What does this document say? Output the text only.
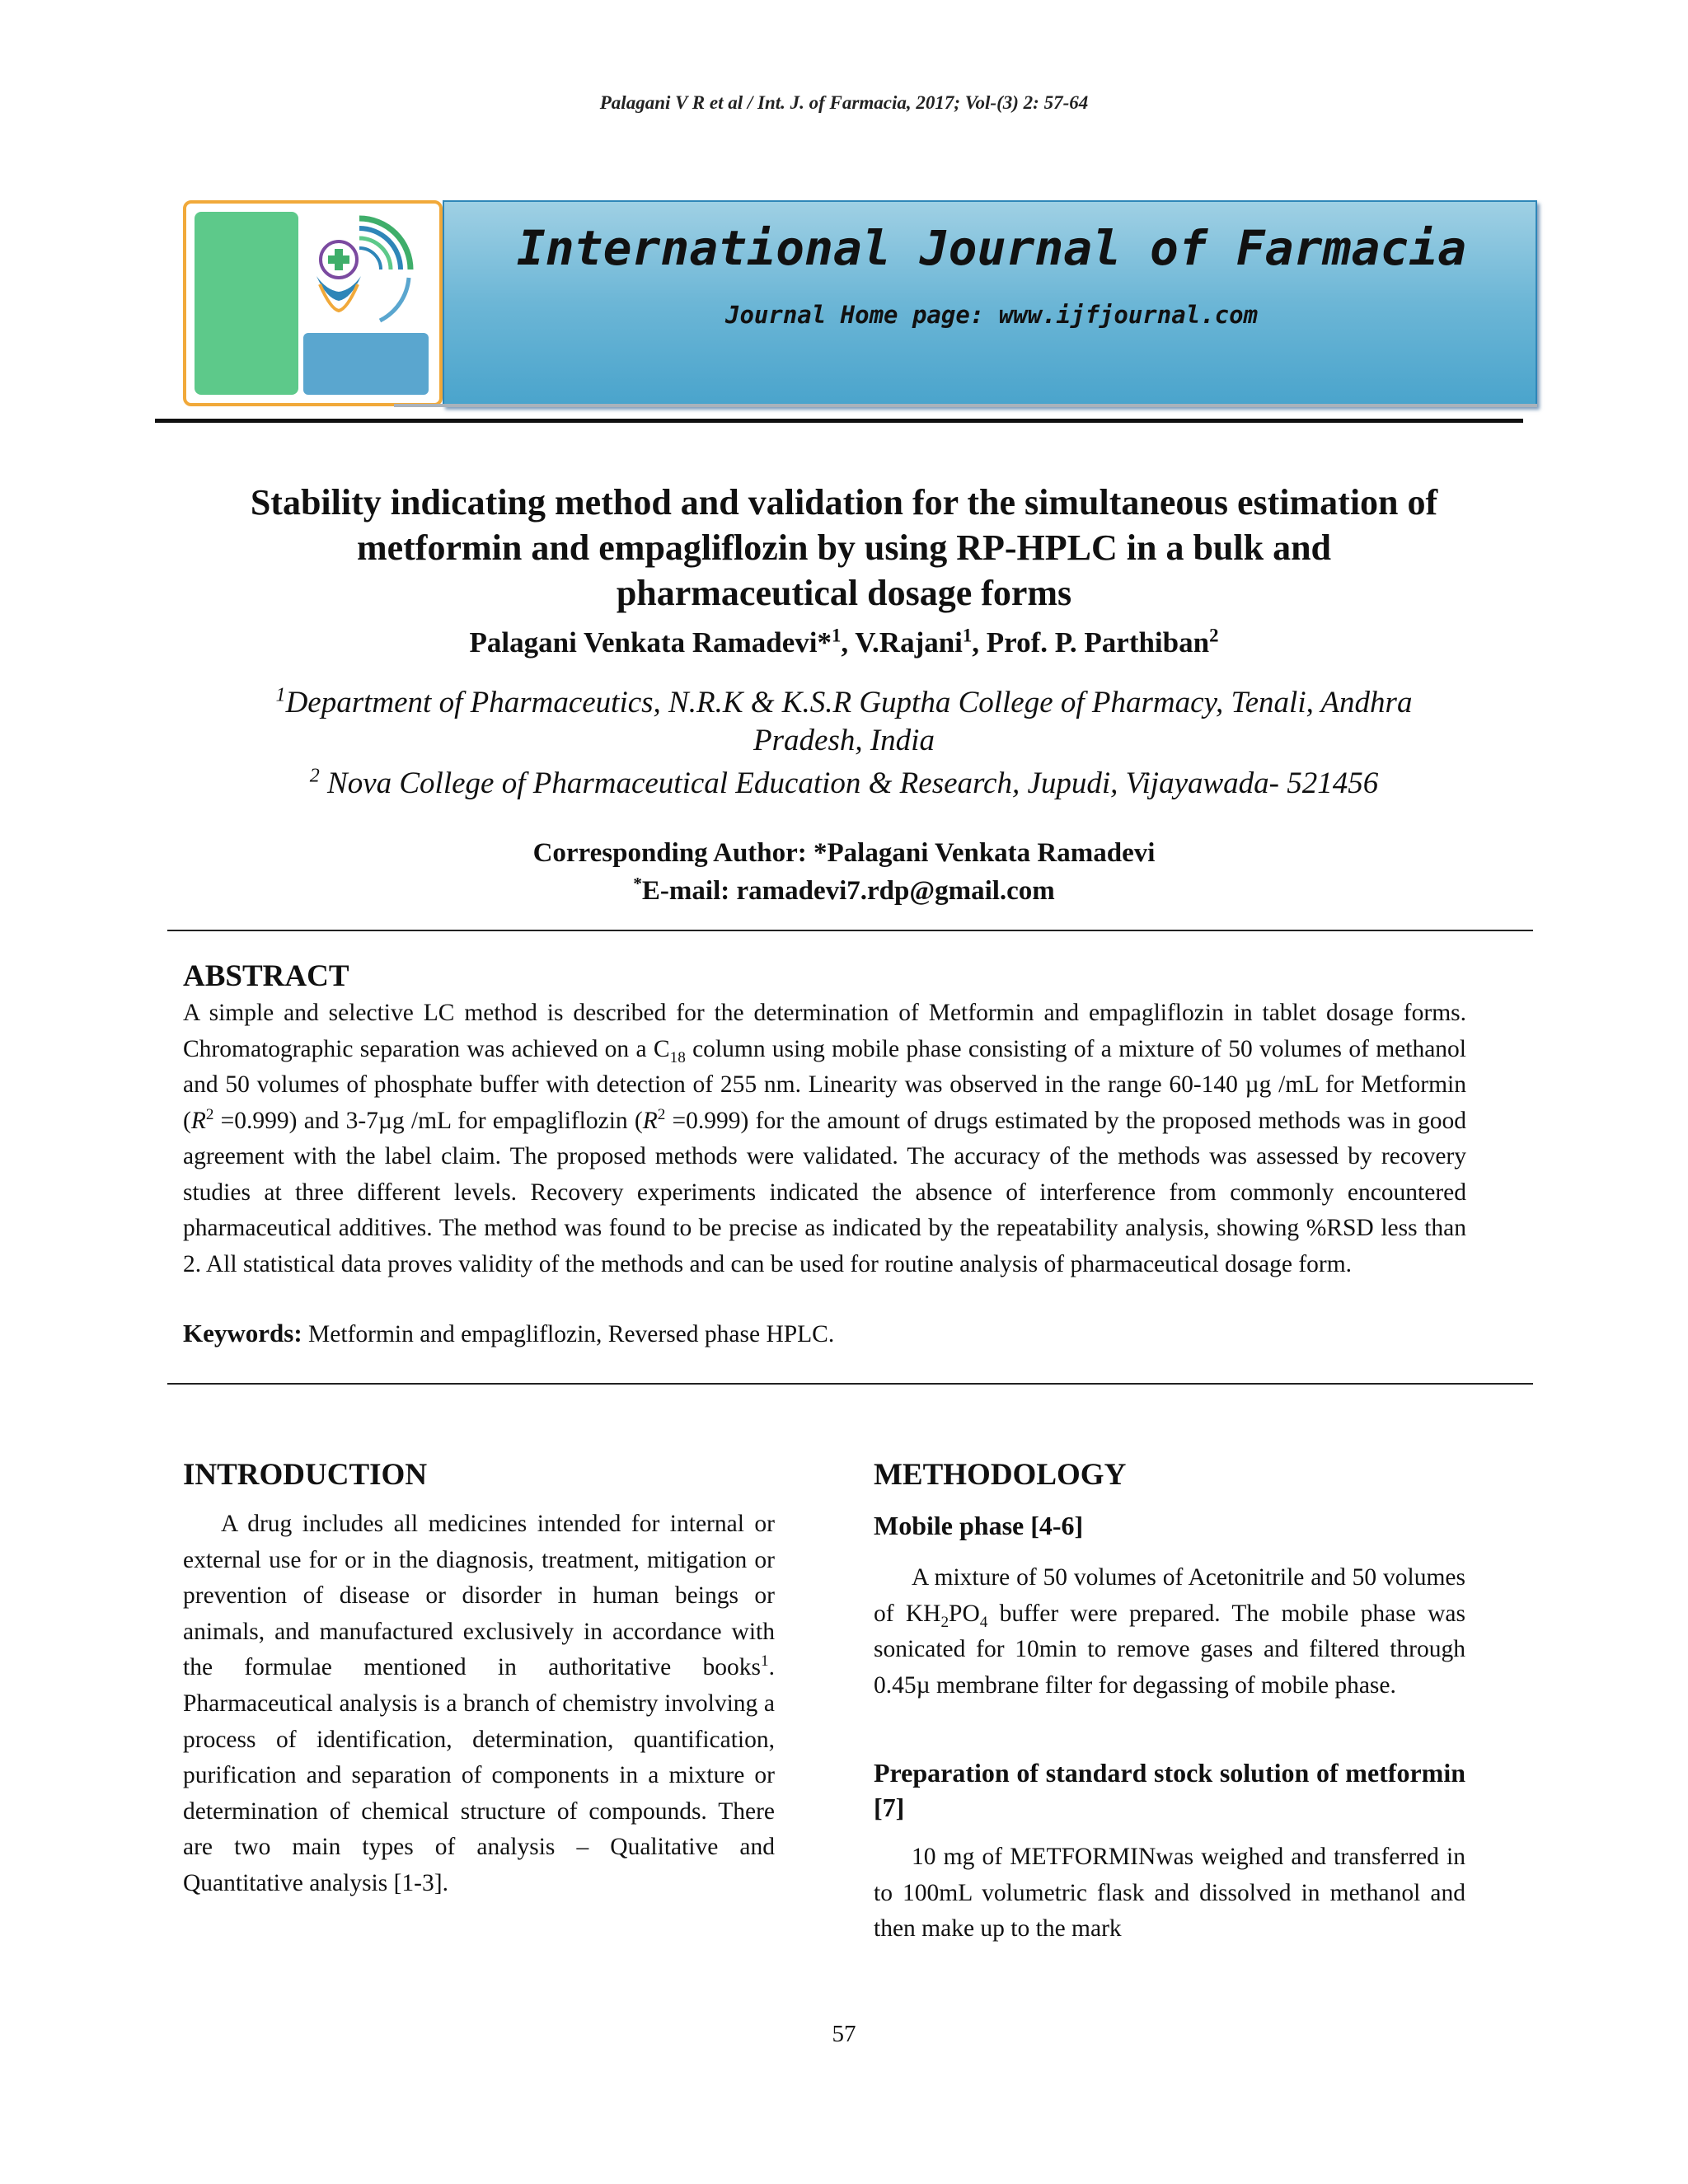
Palagani V R et al / Int. J. of Farmacia, 2017; Vol-(3) 2: 57-64
International Journal of Farmacia
Journal Home page: www.ijfjournal.com
Stability indicating method and validation for the simultaneous estimation of
metformin and empagliflozin by using RP-HPLC in a bulk and
pharmaceutical dosage forms
Palagani Venkata Ramadevi*$^1$, V.Rajani$^1$, Prof. P. Parthiban$^2$
$^1$Department of Pharmaceutics, N.R.K & K.S.R Guptha College of Pharmacy, Tenali, Andhra
Pradesh, India
$^2$ Nova College of Pharmaceutical Education & Research, Jupudi, Vijayawada- 521456
Corresponding Author: *Palagani Venkata Ramadevi
*E-mail: ramadevi7.rdp@gmail.com
ABSTRACT
A simple and selective LC method is described for the determination of Metformin and empagliflozin in tablet dosage forms. Chromatographic separation was achieved on a $C_{18}$ column using mobile phase consisting of a mixture of 50 volumes of methanol and 50 volumes of phosphate buffer with detection of 255 nm. Linearity was observed in the range 60-140 µg /mL for Metformin $(R^2 =0.999)$ and 3-7µg /mL for empagliflozin $(R^2 =0.999)$ for the amount of drugs estimated by the proposed methods was in good agreement with the label claim. The proposed methods were validated. The accuracy of the methods was assessed by recovery studies at three different levels. Recovery experiments indicated the absence of interference from commonly encountered pharmaceutical additives. The method was found to be precise as indicated by the repeatability analysis, showing %RSD less than 2. All statistical data proves validity of the methods and can be used for routine analysis of pharmaceutical dosage form.
Keywords: Metformin and empagliflozin, Reversed phase HPLC.
INTRODUCTION
A drug includes all medicines intended for internal or external use for or in the diagnosis, treatment, mitigation or prevention of disease or disorder in human beings or animals, and manufactured exclusively in accordance with the formulae mentioned in authoritative books$^1$. Pharmaceutical analysis is a branch of chemistry involving a process of identification, determination, quantification, purification and separation of components in a mixture or determination of chemical structure of compounds. There are two main types of analysis – Qualitative and Quantitative analysis [1-3].
METHODOLOGY
Mobile phase [4-6]
A mixture of 50 volumes of Acetonitrile and 50 volumes of $KH_2PO_4$ buffer were prepared. The mobile phase was sonicated for 10min to remove gases and filtered through 0.45µ membrane filter for degassing of mobile phase.
Preparation of standard stock solution of metformin [7]
10 mg of METFORMINwas weighed and transferred in to 100mL volumetric flask and dissolved in methanol and then make up to the mark
57
